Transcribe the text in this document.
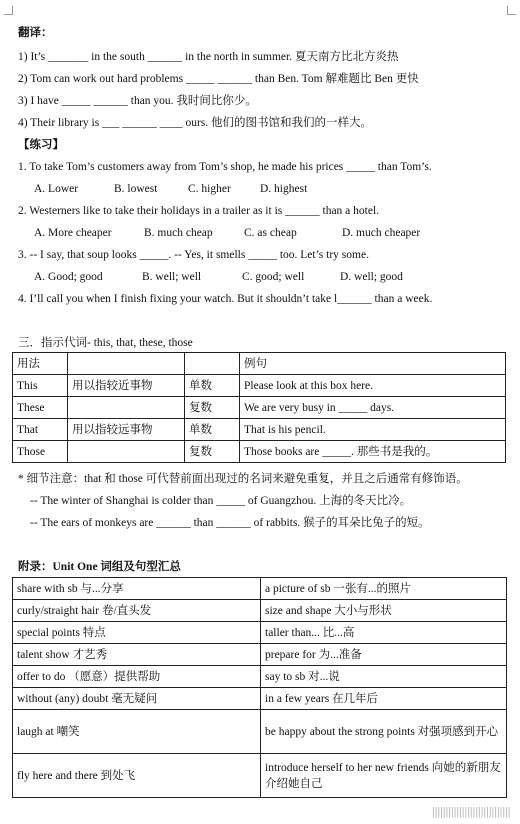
翻译：
1) It’s _______ in the south ______ in the north in summer. 夏天南方比北方炎热
2) Tom can work out hard problems _____ ______ than Ben. Tom 解难题比 Ben 更快
3) I have _____ ______ than you. 我时间比你少。
4) Their library is ___ ______ ____ ours. 他们的图书馆和我们的一样大。
【练习】
1. To take Tom’s customers away from Tom’s shop, he made his prices _____ than Tom’s.
A. Lower	B. lowest	C. higher	D. highest
2. Westerners like to take their holidays in a trailer as it is ______ than a hotel.
A. More cheaper	B. much cheap	C. as cheap	D. much cheaper
3. -- I say, that soup looks _____. -- Yes, it smells _____ too. Let’s try some.
A. Good; good	B. well; well	C. good; well	D. well; good
4. I’ll call you when I finish fixing your watch. But it shouldn’t take l______ than a week.
三．指示代词- this, that, these, those
用法			例句
This	用以指较近事物	单数	Please look at this box here.
These		复数	We are very busy in _____ days.
That	用以指较远事物	单数	That is his pencil.
Those		复数	Those books are _____. 那些书是我的。
* 细节注意：that 和 those 可代替前面出现过的名词来避免重复，并且之后通常有修饰语。
-- The winter of Shanghai is colder than _____ of Guangzhou. 上海的冬天比冷。
-- The ears of monkeys are ______ than ______ of rabbits. 猴子的耳朵比兔子的短。
附录：Unit One 词组及句型汇总
share with sb 与...分享	a picture of sb 一张有...的照片
curly/straight hair 卷/直头发	size and shape 大小与形状
special points 特点	taller than... 比...高
talent show 才艺秀	prepare for 为...准备
offer to do （愿意）提供帮助	say to sb 对...说
without (any) doubt 毫无疑问	in a few years 在几年后
laugh at 嘲笑	be happy about the strong points 对强项感到开心
fly here and there 到处飞	introduce herself to her new friends 向她的新朋友介绍她自己
|||||||||||||||||||||||||||||
